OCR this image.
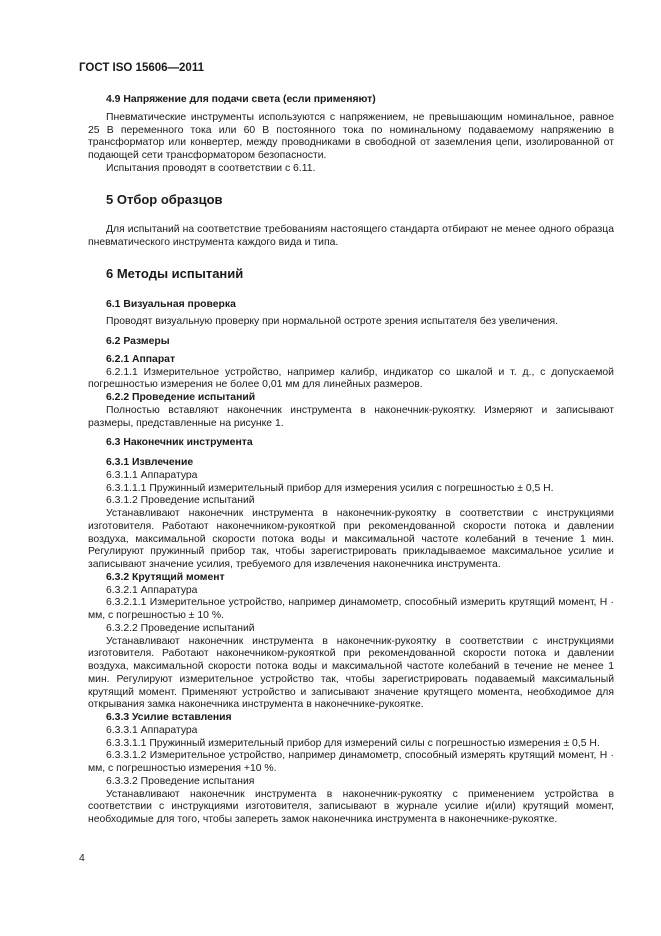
ГОСТ ISO 15606—2011

4.9 Напряжение для подачи света (если применяют)

Пневматические инструменты используются с напряжением, не превышающим номинальное, равное 25 В переменного тока или 60 В постоянного тока по номинальному подаваемому напряжению в трансформатор или конвертер, между проводниками в свободной от заземления цепи, изолированной от подающей сети трансформатором безопасности.

Испытания проводят в соответствии с 6.11.

5 Отбор образцов

Для испытаний на соответствие требованиям настоящего стандарта отбирают не менее одного образца пневматического инструмента каждого вида и типа.

6 Методы испытаний

6.1 Визуальная проверка

Проводят визуальную проверку при нормальной остроте зрения испытателя без увеличения.

6.2 Размеры

6.2.1 Аппарат

6.2.1.1 Измерительное устройство, например калибр, индикатор со шкалой и т. д., с допускаемой погрешностью измерения не более 0,01 мм для линейных размеров.

6.2.2 Проведение испытаний

Полностью вставляют наконечник инструмента в наконечник-рукоятку. Измеряют и записывают размеры, представленные на рисунке 1.

6.3 Наконечник инструмента

6.3.1 Извлечение

6.3.1.1 Аппаратура

6.3.1.1.1 Пружинный измерительный прибор для измерения усилия с погрешностью ± 0,5 Н.

6.3.1.2 Проведение испытаний

Устанавливают наконечник инструмента в наконечник-рукоятку в соответствии с инструкциями изготовителя. Работают наконечником-рукояткой при рекомендованной скорости потока и давлении воздуха, максимальной скорости потока воды и максимальной частоте колебаний в течение 1 мин. Регулируют пружинный прибор так, чтобы зарегистрировать прикладываемое максимальное усилие и записывают значение усилия, требуемого для извлечения наконечника инструмента.

6.3.2 Крутящий момент

6.3.2.1 Аппаратура

6.3.2.1.1 Измерительное устройство, например динамометр, способный измерить крутящий момент, Н · мм, с погрешностью ± 10 %.

6.3.2.2 Проведение испытаний

Устанавливают наконечник инструмента в наконечник-рукоятку в соответствии с инструкциями изготовителя. Работают наконечником-рукояткой при рекомендованной скорости потока и давлении воздуха, максимальной скорости потока воды и максимальной частоте колебаний в течение не менее 1 мин. Регулируют измерительное устройство так, чтобы зарегистрировать подаваемый максимальный крутящий момент. Применяют устройство и записывают значение крутящего момента, необходимое для открывания замка наконечника инструмента в наконечнике-рукоятке.

6.3.3 Усилие вставления

6.3.3.1 Аппаратура

6.3.3.1.1 Пружинный измерительный прибор для измерений силы с погрешностью измерения ± 0,5 Н.

6.3.3.1.2 Измерительное устройство, например динамометр, способный измерять крутящий момент, Н · мм, с погрешностью измерения +10 %.

6.3.3.2 Проведение испытания

Устанавливают наконечник инструмента в наконечник-рукоятку с применением устройства в соответствии с инструкциями изготовителя, записывают в журнале усилие и(или) крутящий момент, необходимые для того, чтобы запереть замок наконечника инструмента в наконечнике-рукоятке.

4
